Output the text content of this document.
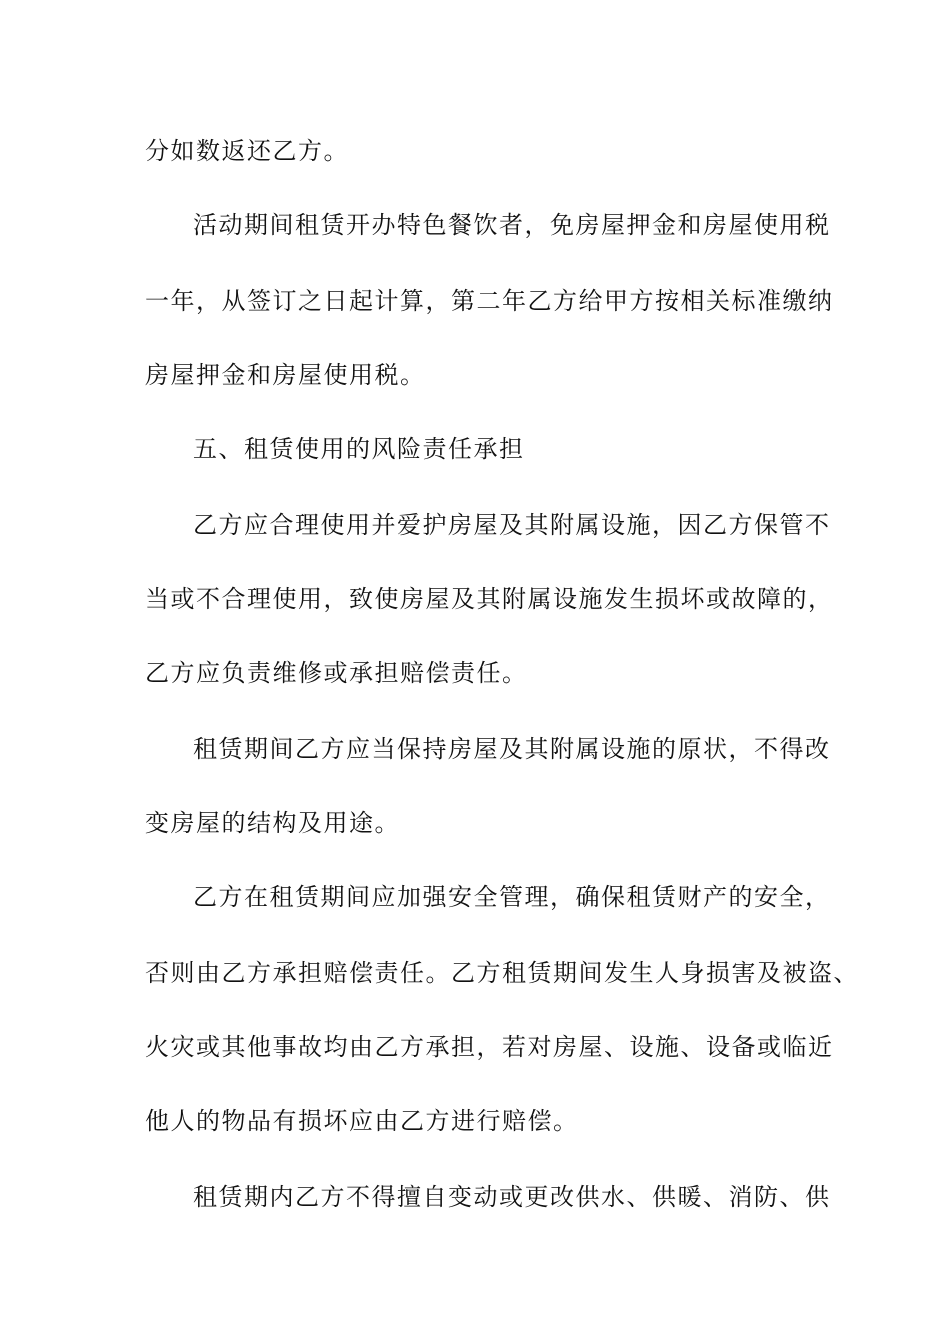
分如数返还乙方。

活动期间租赁开办特色餐饮者，免房屋押金和房屋使用税

一年，从签订之日起计算，第二年乙方给甲方按相关标准缴纳

房屋押金和房屋使用税。

五、租赁使用的风险责任承担

乙方应合理使用并爱护房屋及其附属设施，因乙方保管不

当或不合理使用，致使房屋及其附属设施发生损坏或故障的，

乙方应负责维修或承担赔偿责任。

租赁期间乙方应当保持房屋及其附属设施的原状，不得改

变房屋的结构及用途。

乙方在租赁期间应加强安全管理，确保租赁财产的安全，

否则由乙方承担赔偿责任。乙方租赁期间发生人身损害及被盗、

火灾或其他事故均由乙方承担，若对房屋、设施、设备或临近

他人的物品有损坏应由乙方进行赔偿。

租赁期内乙方不得擅自变动或更改供水、供暖、消防、供
